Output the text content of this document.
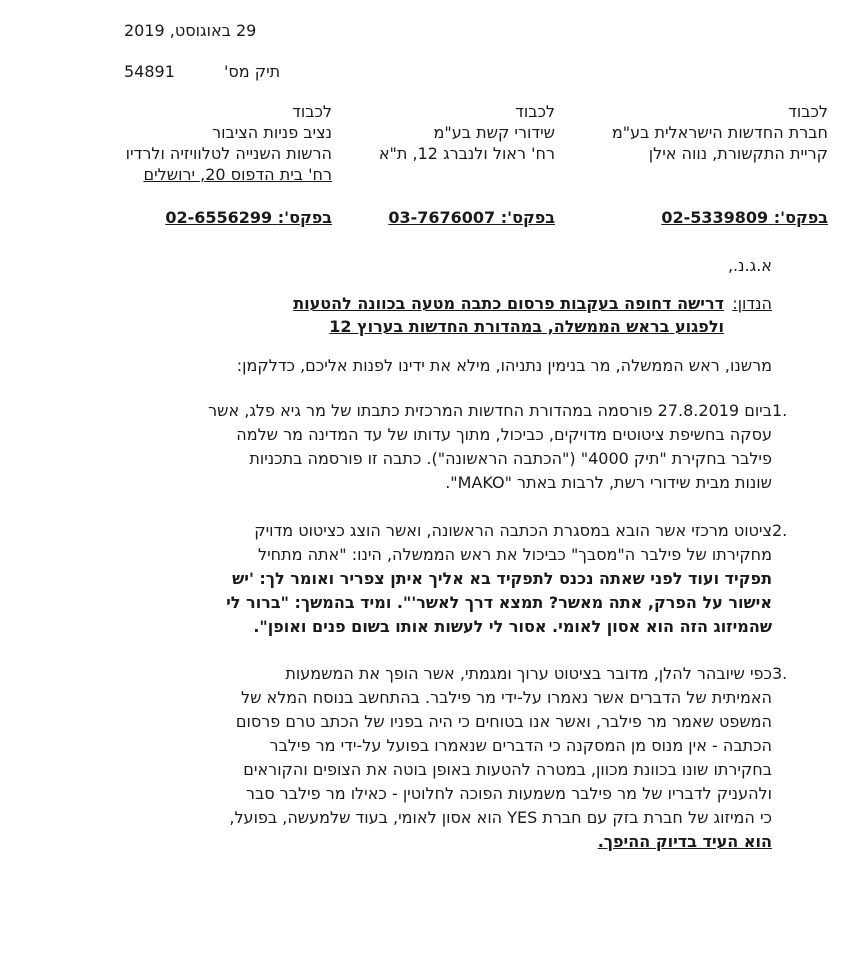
29 באוגוסט, 2019
תיק מס'
54891
לכבוד
חברת החדשות הישראלית בע"מ
קריית התקשורת, נווה אילן
לכבוד
שידורי קשת בע"מ
רח' ראול ולנברג 12, ת"א
לכבוד
נציב פניות הציבור
הרשות השנייה לטלוויזיה ולרדיו
רח' בית הדפוס 20, ירושלים
בפקס': 02-5339809
בפקס': 03-7676007
בפקס': 02-6556299
א.ג.נ.,
הנדון:
דרישה דחופה בעקבות פרסום כתבה מטעה בכוונה להטעות
ולפגוע בראש הממשלה, במהדורת החדשות בערוץ 12
מרשנו, ראש הממשלה, מר בנימין נתניהו, מילא את ידינו לפנות אליכם, כדלקמן:
1.
ביום 27.8.2019 פורסמה במהדורת החדשות המרכזית כתבתו של מר גיא פלג, אשר
עסקה בחשיפת ציטוטים מדויקים, כביכול, מתוך עדותו של עד המדינה מר שלמה
פילבר בחקירת "תיק 4000" ("הכתבה הראשונה"). כתבה זו פורסמה בתכניות
שונות מבית שידורי רשת, לרבות באתר "MAKO".
2.
ציטוט מרכזי אשר הובא במסגרת הכתבה הראשונה, ואשר הוצג כציטוט מדויק
מחקירתו של פילבר ה"מסבך" כביכול את ראש הממשלה, הינו: "אתה מתחיל
תפקיד ועוד לפני שאתה נכנס לתפקיד בא אליך איתן צפריר ואומר לך: 'יש
אישור על הפרק, אתה מאשר? תמצא דרך לאשר'". ומיד בהמשך: "ברור לי
שהמיזוג הזה הוא אסון לאומי. אסור לי לעשות אותו בשום פנים ואופן".
3.
כפי שיובהר להלן, מדובר בציטוט ערוך ומגמתי, אשר הופך את המשמעות
האמיתית של הדברים אשר נאמרו על-ידי מר פילבר. בהתחשב בנוסח המלא של
המשפט שאמר מר פילבר, ואשר אנו בטוחים כי היה בפניו של הכתב טרם פרסום
הכתבה - אין מנוס מן המסקנה כי הדברים שנאמרו בפועל על-ידי מר פילבר
בחקירתו שונו בכוונת מכוון, במטרה להטעות באופן בוטה את הצופים והקוראים
ולהעניק לדבריו של מר פילבר משמעות הפוכה לחלוטין - כאילו מר פילבר סבר
כי המיזוג של חברת בזק עם חברת YES הוא אסון לאומי, בעוד שלמעשה, בפועל,
הוא העיד בדיוק ההיפך.
